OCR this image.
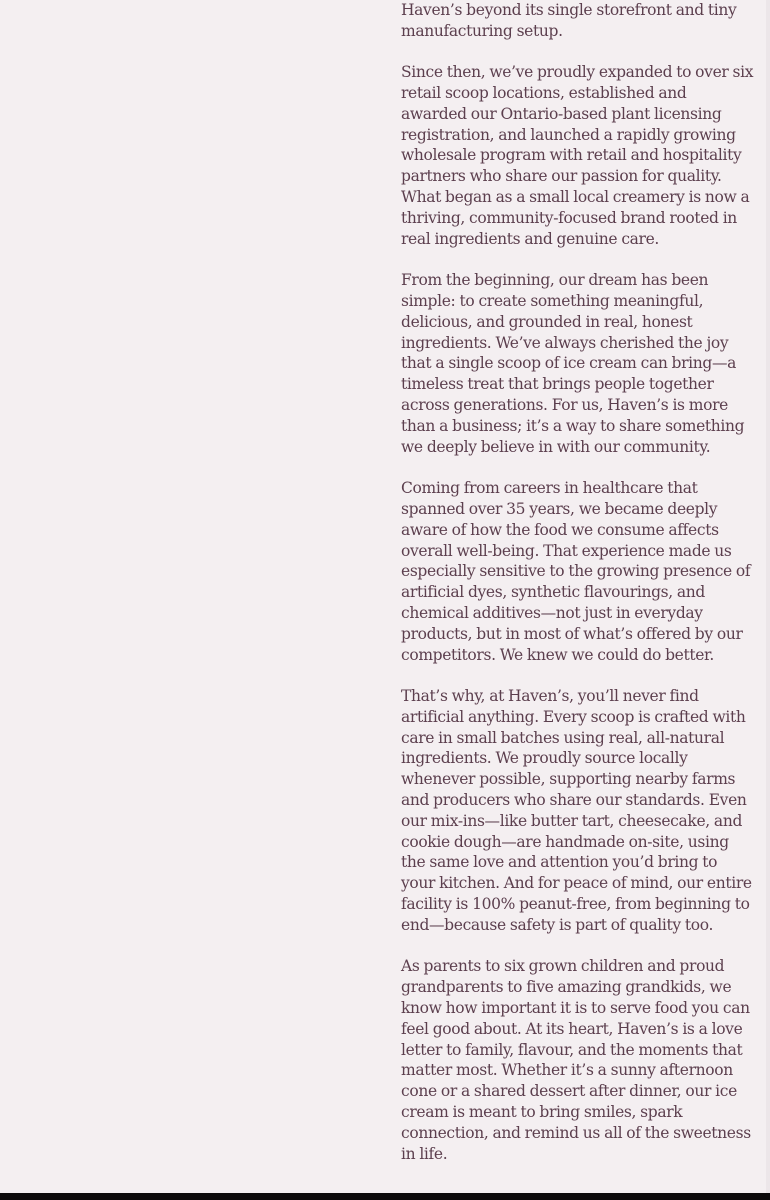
Haven’s beyond its single storefront and tiny manufacturing setup.

Since then, we’ve proudly expanded to over six retail scoop locations, established and awarded our Ontario-based plant licensing registration, and launched a rapidly growing wholesale program with retail and hospitality partners who share our passion for quality. What began as a small local creamery is now a thriving, community-focused brand rooted in real ingredients and genuine care.

From the beginning, our dream has been simple: to create something meaningful, delicious, and grounded in real, honest ingredients. We’ve always cherished the joy that a single scoop of ice cream can bring—a timeless treat that brings people together across generations. For us, Haven’s is more than a business; it’s a way to share something we deeply believe in with our community.

Coming from careers in healthcare that spanned over 35 years, we became deeply aware of how the food we consume affects overall well-being. That experience made us especially sensitive to the growing presence of artificial dyes, synthetic flavourings, and chemical additives—not just in everyday products, but in most of what’s offered by our competitors. We knew we could do better.

That’s why, at Haven’s, you’ll never find artificial anything. Every scoop is crafted with care in small batches using real, all-natural ingredients. We proudly source locally whenever possible, supporting nearby farms and producers who share our standards. Even our mix-ins—like butter tart, cheesecake, and cookie dough—are handmade on-site, using the same love and attention you’d bring to your kitchen. And for peace of mind, our entire facility is 100% peanut-free, from beginning to end—because safety is part of quality too.

As parents to six grown children and proud grandparents to five amazing grandkids, we know how important it is to serve food you can feel good about. At its heart, Haven’s is a love letter to family, flavour, and the moments that matter most. Whether it’s a sunny afternoon cone or a shared dessert after dinner, our ice cream is meant to bring smiles, spark connection, and remind us all of the sweetness in life.
